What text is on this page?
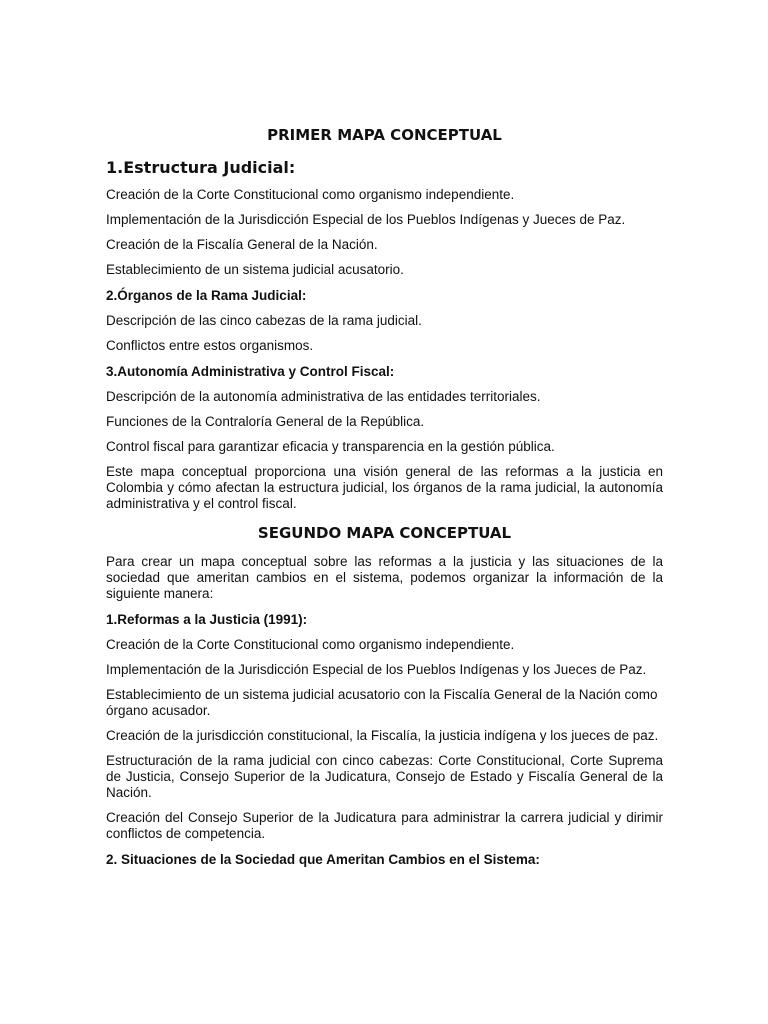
PRIMER MAPA CONCEPTUAL
1.Estructura Judicial:

Creación de la Corte Constitucional como organismo independiente.

Implementación de la Jurisdicción Especial de los Pueblos Indígenas y Jueces de Paz.

Creación de la Fiscalía General de la Nación.

Establecimiento de un sistema judicial acusatorio.

2.Órganos de la Rama Judicial:

Descripción de las cinco cabezas de la rama judicial.

Conflictos entre estos organismos.

3.Autonomía Administrativa y Control Fiscal:

Descripción de la autonomía administrativa de las entidades territoriales.

Funciones de la Contraloría General de la República.

Control fiscal para garantizar eficacia y transparencia en la gestión pública.

Este mapa conceptual proporciona una visión general de las reformas a la justicia en Colombia y cómo afectan la estructura judicial, los órganos de la rama judicial, la autonomía administrativa y el control fiscal.

SEGUNDO MAPA CONCEPTUAL

Para crear un mapa conceptual sobre las reformas a la justicia y las situaciones de la sociedad que ameritan cambios en el sistema, podemos organizar la información de la siguiente manera:

1.Reformas a la Justicia (1991):

Creación de la Corte Constitucional como organismo independiente.

Implementación de la Jurisdicción Especial de los Pueblos Indígenas y los Jueces de Paz.

Establecimiento de un sistema judicial acusatorio con la Fiscalía General de la Nación como órgano acusador.

Creación de la jurisdicción constitucional, la Fiscalía, la justicia indígena y los jueces de paz.

Estructuración de la rama judicial con cinco cabezas: Corte Constitucional, Corte Suprema de Justicia, Consejo Superior de la Judicatura, Consejo de Estado y Fiscalía General de la Nación.

Creación del Consejo Superior de la Judicatura para administrar la carrera judicial y dirimir conflictos de competencia.

2. Situaciones de la Sociedad que Ameritan Cambios en el Sistema:
